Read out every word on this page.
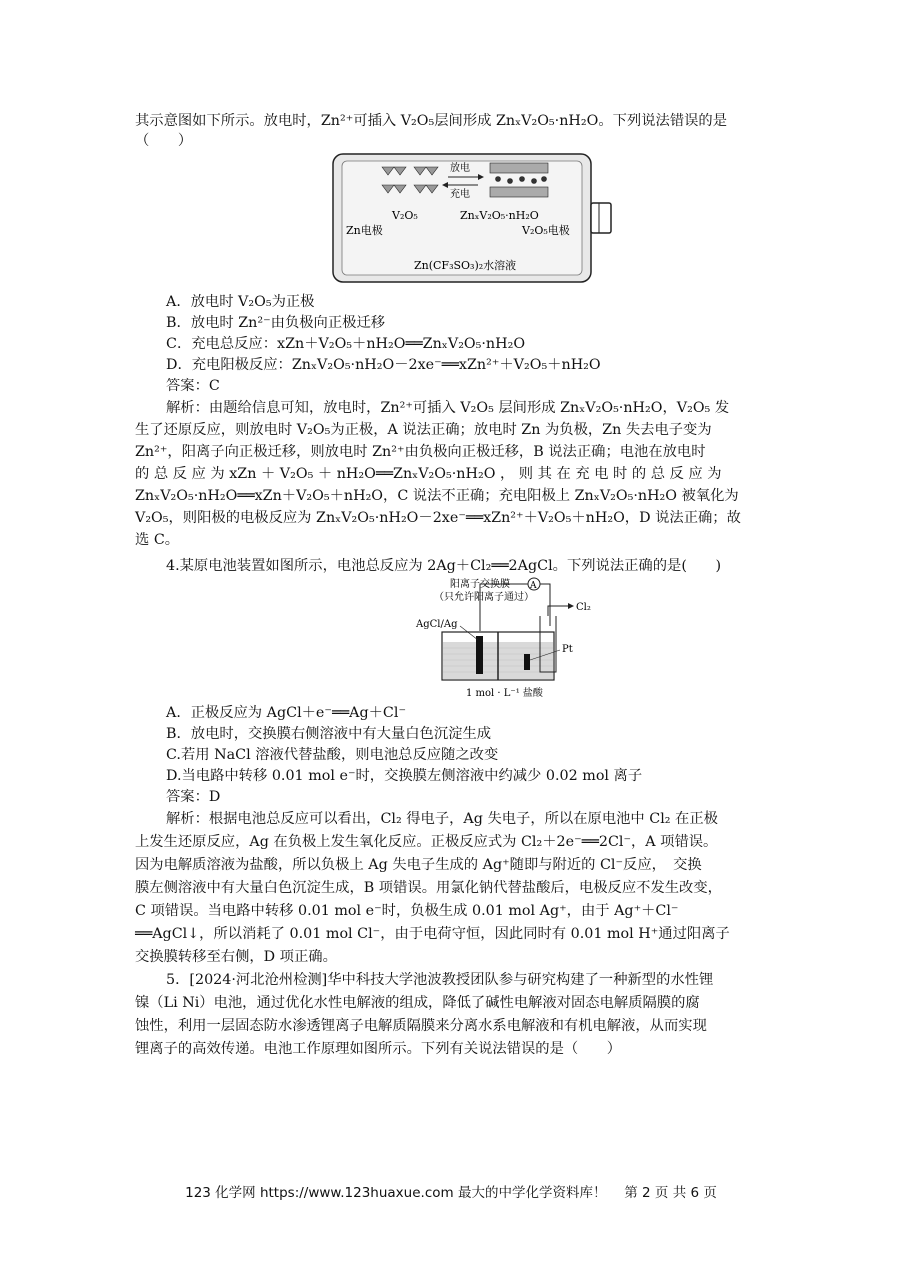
其示意图如下所示。放电时，Zn²⁺可插入 V₂O₅层间形成 ZnₓV₂O₅·nH₂O。下列说法错误的是
（　　）
放电
充电
V₂O₅	ZnₓV₂O₅·nH₂O
Zn电极	V₂O₅电极
Zn(CF₃SO₃)₂水溶液
A．放电时 V₂O₅为正极
B．放电时 Zn²⁻由负极向正极迁移
C．充电总反应：xZn＋V₂O₅＋nH₂O══ZnₓV₂O₅·nH₂O
D．充电阳极反应：ZnₓV₂O₅·nH₂O－2xe⁻══xZn²⁺＋V₂O₅＋nH₂O
答案：C
解析：由题给信息可知，放电时，Zn²⁺可插入 V₂O₅ 层间形成 ZnₓV₂O₅·nH₂O，V₂O₅ 发
生了还原反应，则放电时 V₂O₅为正极，A 说法正确；放电时 Zn 为负极，Zn 失去电子变为
Zn²⁺，阳离子向正极迁移，则放电时 Zn²⁺由负极向正极迁移，B 说法正确；电池在放电时
的 总 反 应 为 xZn ＋ V₂O₅ ＋ nH₂O══ZnₓV₂O₅·nH₂O ， 则 其 在 充 电 时 的 总 反 应 为
ZnₓV₂O₅·nH₂O══xZn＋V₂O₅＋nH₂O，C 说法不正确；充电阳极上 ZnₓV₂O₅·nH₂O 被氧化为
V₂O₅，则阳极的电极反应为 ZnₓV₂O₅·nH₂O－2xe⁻══xZn²⁺＋V₂O₅＋nH₂O，D 说法正确；故
选 C。
4.某原电池装置如图所示，电池总反应为 2Ag＋Cl₂══2AgCl。下列说法正确的是(　　)
阳离子交换膜
（只允许阳离子通过）
A
AgCl/Ag
Cl₂
Pt
1 mol · L⁻¹ 盐酸
A．正极反应为 AgCl＋e⁻══Ag＋Cl⁻
B．放电时，交换膜右侧溶液中有大量白色沉淀生成
C.若用 NaCl 溶液代替盐酸，则电池总反应随之改变
D.当电路中转移 0.01 mol e⁻时，交换膜左侧溶液中约减少 0.02 mol 离子
答案：D
解析：根据电池总反应可以看出，Cl₂ 得电子，Ag 失电子，所以在原电池中 Cl₂ 在正极
上发生还原反应，Ag 在负极上发生氧化反应。正极反应式为 Cl₂＋2e⁻══2Cl⁻，A 项错误。
因为电解质溶液为盐酸，所以负极上 Ag 失电子生成的 Ag⁺随即与附近的 Cl⁻反应，　交换
膜左侧溶液中有大量白色沉淀生成，B 项错误。用氯化钠代替盐酸后，电极反应不发生改变，
C 项错误。当电路中转移 0.01 mol e⁻时，负极生成 0.01 mol Ag⁺，由于 Ag⁺＋Cl⁻
══AgCl↓，所以消耗了 0.01 mol Cl⁻，由于电荷守恒，因此同时有 0.01 mol H⁺通过阳离子
交换膜转移至右侧，D 项正确。
5．[2024·河北沧州检测]华中科技大学池波教授团队参与研究构建了一种新型的水性锂
镍（Li Ni）电池，通过优化水性电解液的组成，降低了碱性电解液对固态电解质隔膜的腐
蚀性，利用一层固态防水渗透锂离子电解质隔膜来分离水系电解液和有机电解液，从而实现
锂离子的高效传递。电池工作原理如图所示。下列有关说法错误的是（　　）
123 化学网 https://www.123huaxue.com 最大的中学化学资料库！　 第 2 页 共 6 页
